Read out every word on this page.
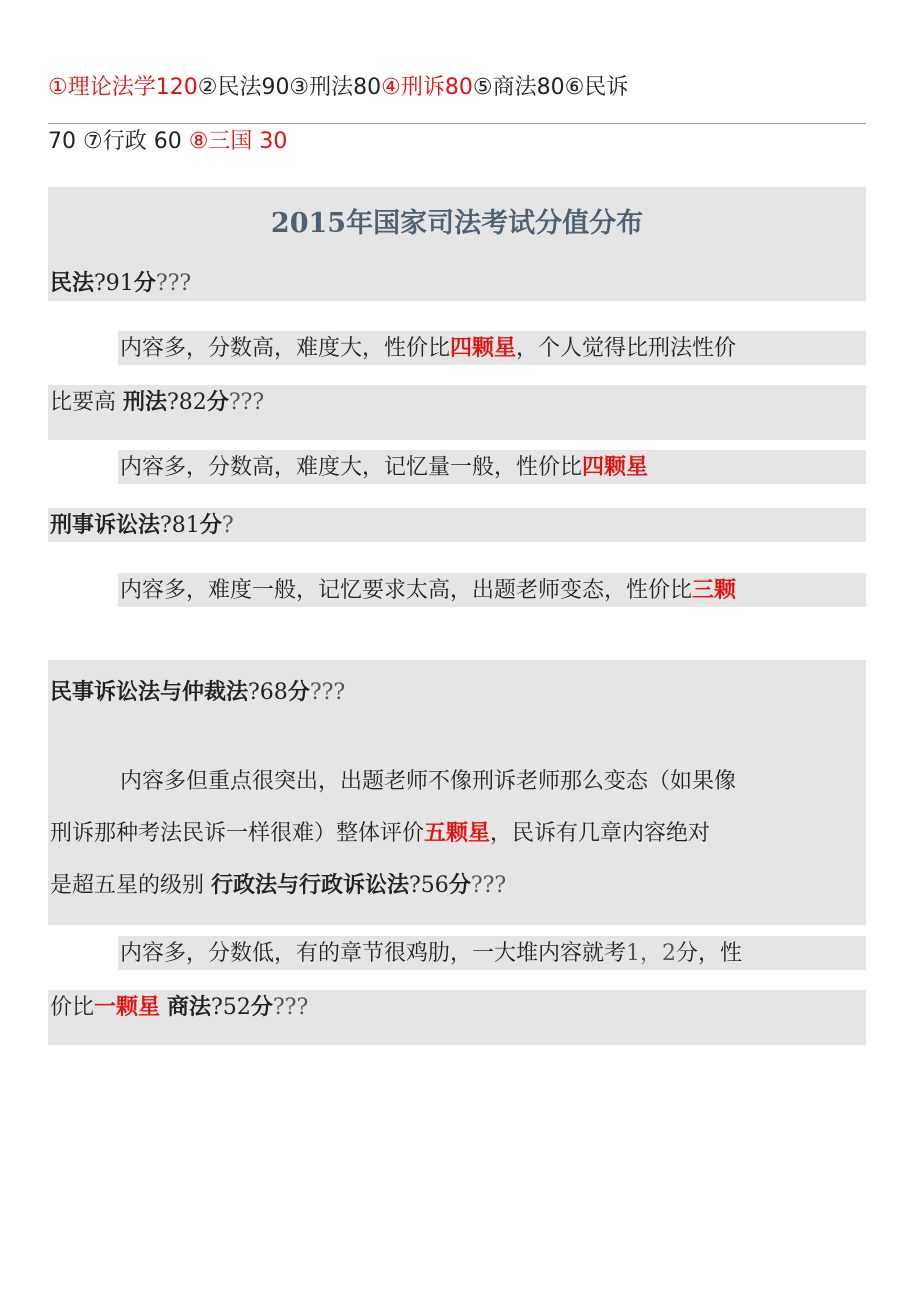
①理论法学120②民法90③刑法80④刑诉80⑤商法80⑥民诉
70 ⑦行政 60 ⑧三国 30
2015年国家司法考试分值分布
民法?91分???
内容多，分数高，难度大，性价比四颗星，个人觉得比刑法性价
比要高 刑法?82分???
内容多，分数高，难度大，记忆量一般，性价比四颗星
刑事诉讼法?81分?
内容多，难度一般，记忆要求太高，出题老师变态，性价比三颗
民事诉讼法与仲裁法?68分???
内容多但重点很突出，出题老师不像刑诉老师那么变态（如果像
刑诉那种考法民诉一样很难）整体评价五颗星，民诉有几章内容绝对
是超五星的级别 行政法与行政诉讼法?56分???
内容多，分数低，有的章节很鸡肋，一大堆内容就考1，2分，性
价比一颗星 商法?52分???
